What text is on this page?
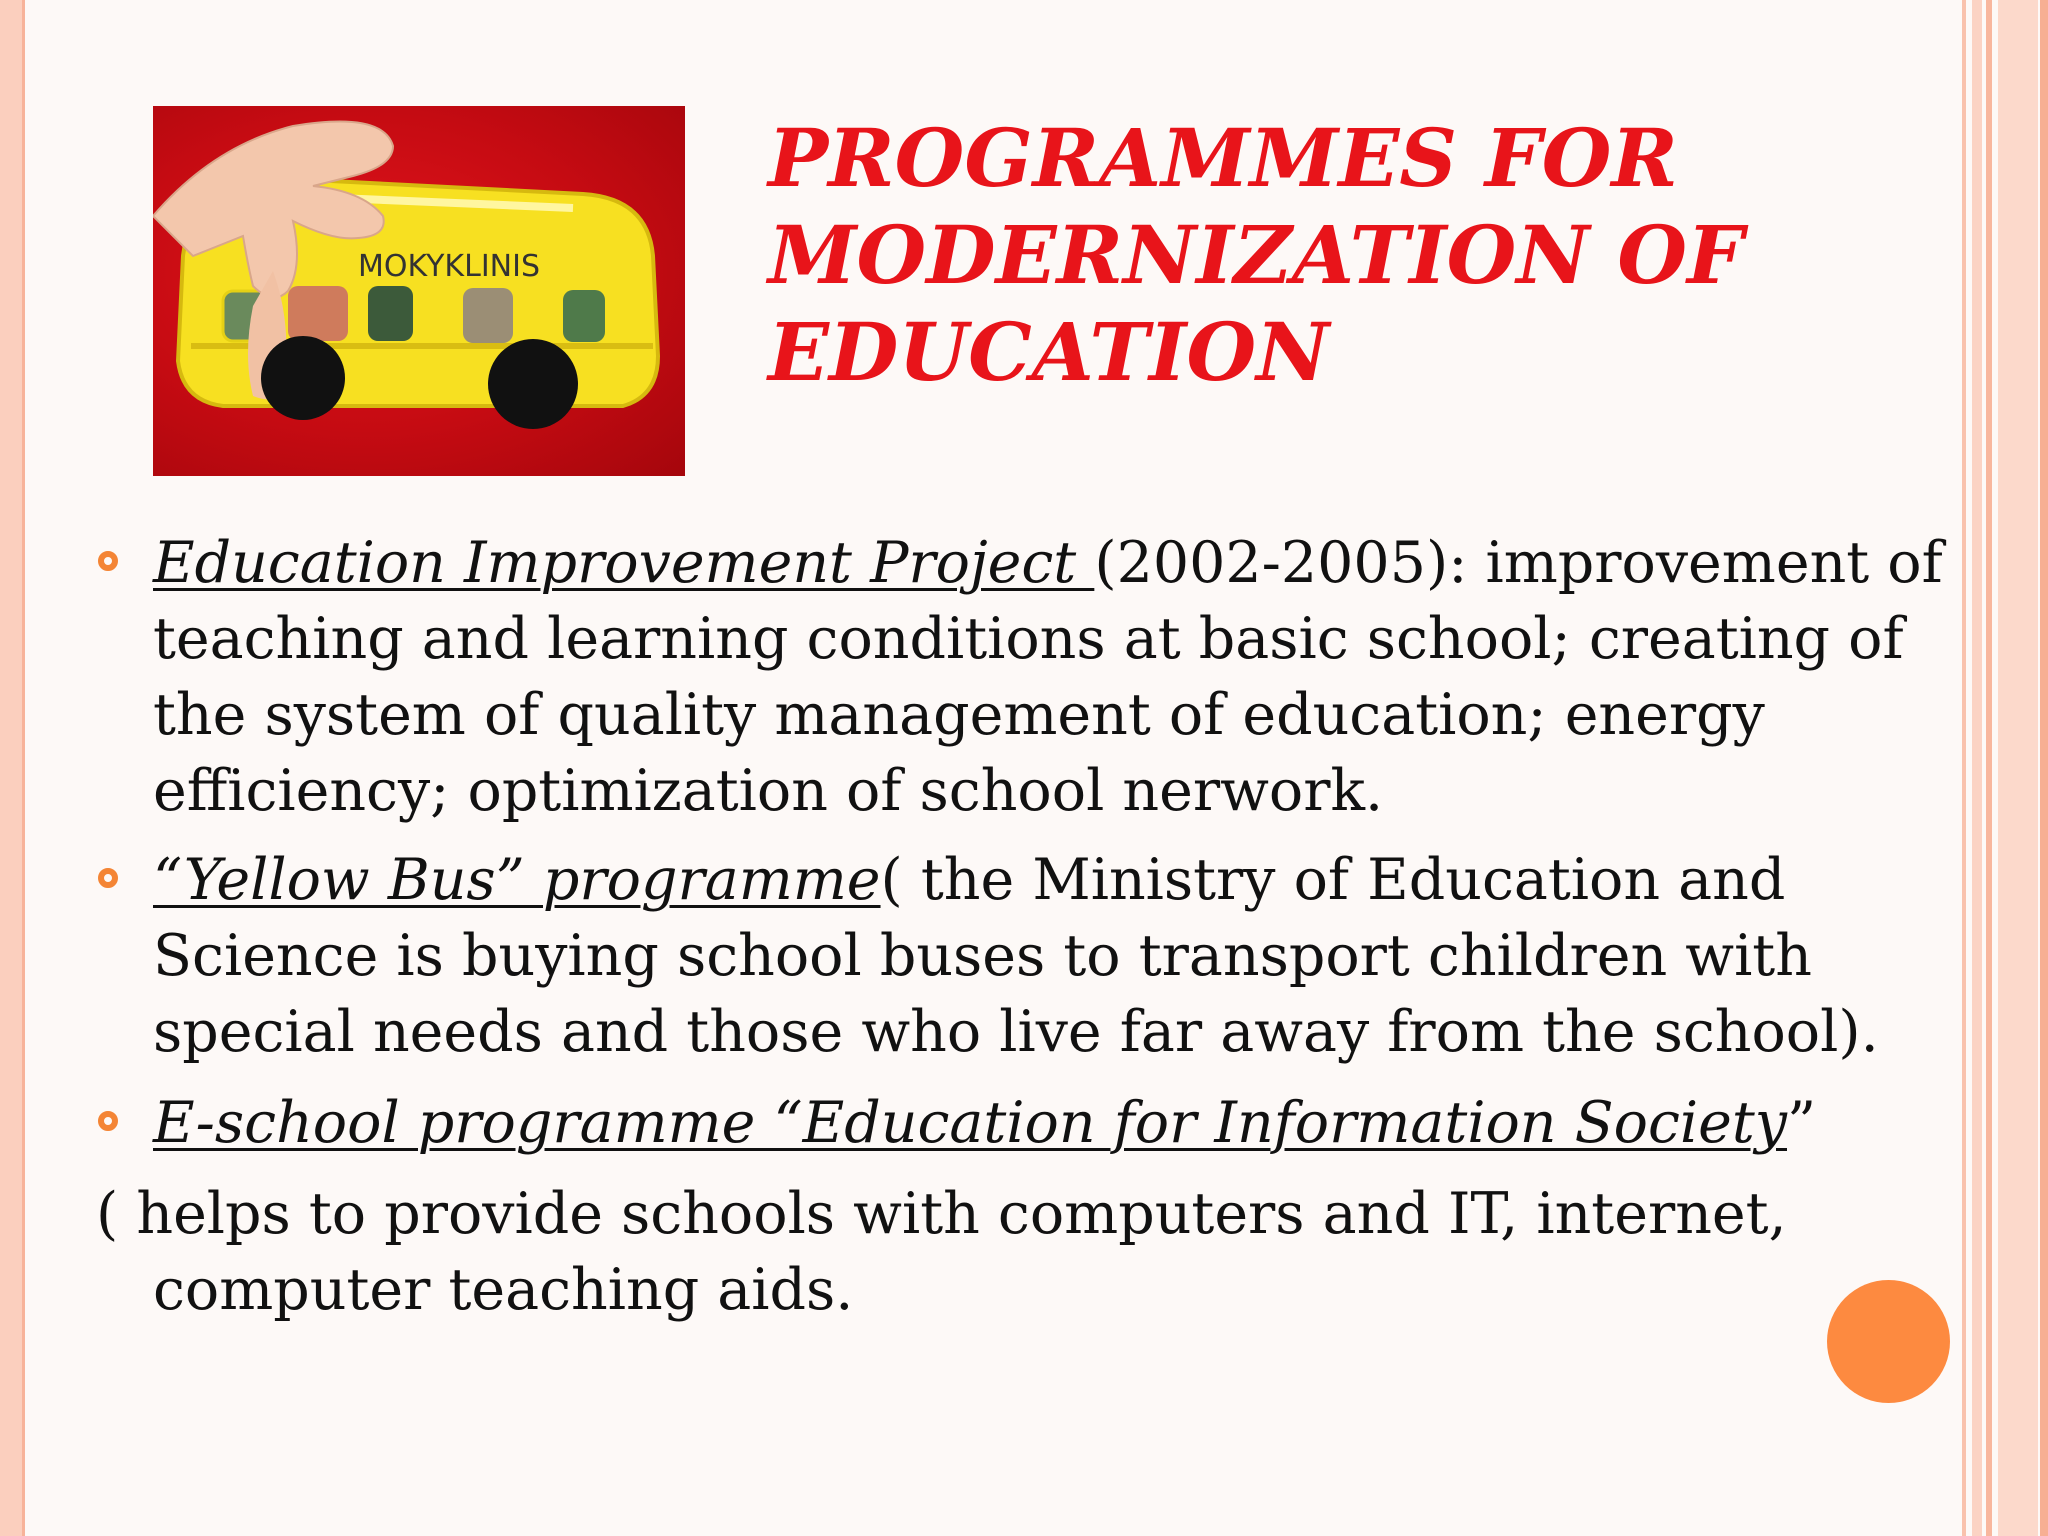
MOKYKLINIS
PROGRAMMES FOR
MODERNIZATION OF
EDUCATION
Education Improvement Project (2002-2005): improvement of teaching and learning conditions at basic school; creating of the system of quality management of education; energy efficiency; optimization of school nerwork.
“Yellow Bus” programme( the Ministry of Education and Science is buying school buses to transport children with special needs and those who live far away from the school).
E-school programme “Education for Information Society”
( helps to provide schools with computers and IT, internet,
computer teaching aids.
